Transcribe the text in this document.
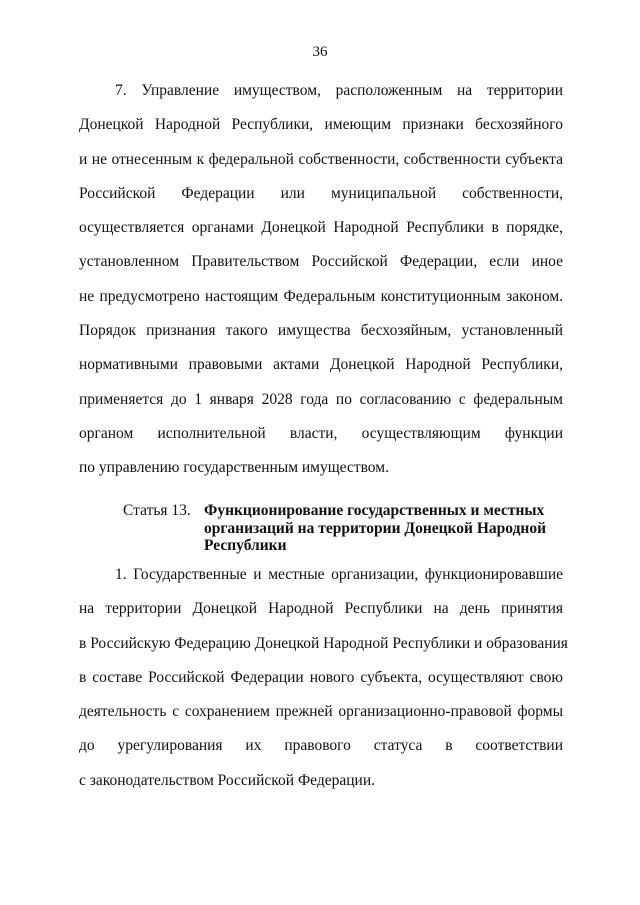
36
7. Управление имуществом, расположенным на территории
Донецкой Народной Республики, имеющим признаки бесхозяйного
и не отнесенным к федеральной собственности, собственности субъекта
Российской Федерации или муниципальной собственности,
осуществляется органами Донецкой Народной Республики в порядке,
установленном Правительством Российской Федерации, если иное
не предусмотрено настоящим Федеральным конституционным законом.
Порядок признания такого имущества бесхозяйным, установленный
нормативными правовыми актами Донецкой Народной Республики,
применяется до 1 января 2028 года по согласованию с федеральным
органом исполнительной власти, осуществляющим функции
по управлению государственным имуществом.
Статья 13. Функционирование государственных и местных
организаций на территории Донецкой Народной
Республики
1. Государственные и местные организации, функционировавшие
на территории Донецкой Народной Республики на день принятия
в Российскую Федерацию Донецкой Народной Республики и образования
в составе Российской Федерации нового субъекта, осуществляют свою
деятельность с сохранением прежней организационно-правовой формы
до урегулирования их правового статуса в соответствии
с законодательством Российской Федерации.
